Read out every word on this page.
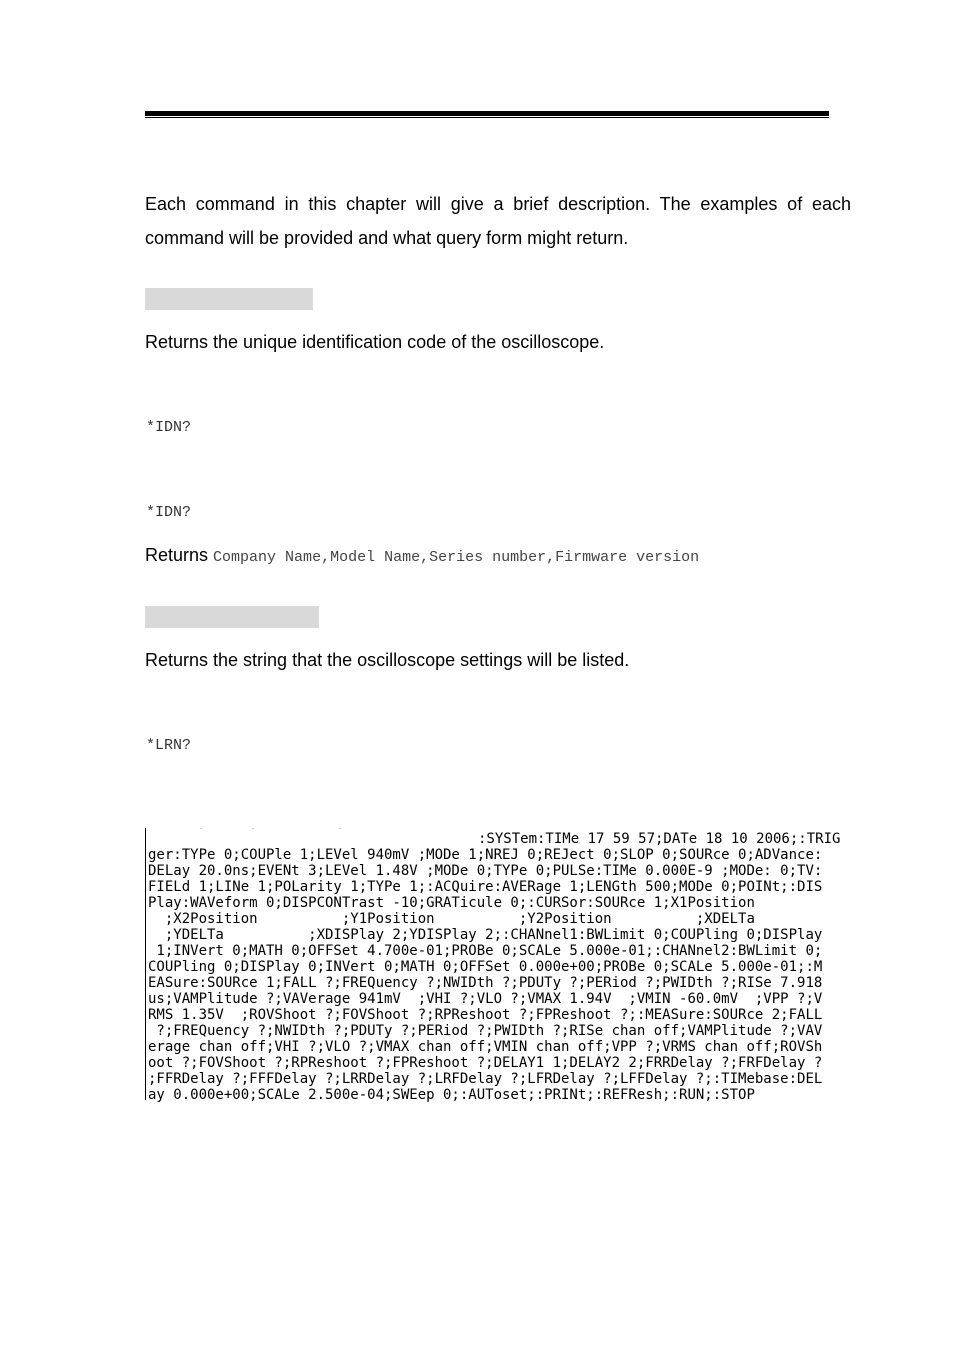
Each command in this chapter will give a brief description. The examples of each command will be provided and what query form might return.
Returns the unique identification code of the oscilloscope.
*IDN?
*IDN?
Returns Company Name,Model Name,Series number,Firmware version
Returns the string that the oscilloscope settings will be listed.
*LRN?
·                              ·                                                   ·
:SYSTem:TIMe 17 59 57;DATe 18 10 2006;:TRIG
ger:TYPe 0;COUPle 1;LEVel 940mV ;MODe 1;NREJ 0;REJect 0;SLOP 0;SOURce 0;ADVance:
DELay 20.0ns;EVENt 3;LEVel 1.48V ;MODe 0;TYPe 0;PULSe:TIMe 0.000E-9 ;MODe: 0;TV:
FIELd 1;LINe 1;POLarity 1;TYPe 1;:ACQuire:AVERage 1;LENGth 500;MODe 0;POINt;:DIS
Play:WAVeform 0;DISPCONTrast -10;GRATicule 0;:CURSor:SOURce 1;X1Position
;X2Position          ;Y1Position          ;Y2Position          ;XDELTa
;YDELTa          ;XDISPlay 2;YDISPlay 2;:CHANnel1:BWLimit 0;COUPling 0;DISPlay
1;INVert 0;MATH 0;OFFSet 4.700e-01;PROBe 0;SCALe 5.000e-01;:CHANnel2:BWLimit 0;
COUPling 0;DISPlay 0;INVert 0;MATH 0;OFFSet 0.000e+00;PROBe 0;SCALe 5.000e-01;:M
EASure:SOURce 1;FALL ?;FREQuency ?;NWIDth ?;PDUTy ?;PERiod ?;PWIDth ?;RISe 7.918
us;VAMPlitude ?;VAVerage 941mV  ;VHI ?;VLO ?;VMAX 1.94V  ;VMIN -60.0mV  ;VPP ?;V
RMS 1.35V  ;ROVShoot ?;FOVShoot ?;RPReshoot ?;FPReshoot ?;:MEASure:SOURce 2;FALL
?;FREQuency ?;NWIDth ?;PDUTy ?;PERiod ?;PWIDth ?;RISe chan off;VAMPlitude ?;VAV
erage chan off;VHI ?;VLO ?;VMAX chan off;VMIN chan off;VPP ?;VRMS chan off;ROVSh
oot ?;FOVShoot ?;RPReshoot ?;FPReshoot ?;DELAY1 1;DELAY2 2;FRRDelay ?;FRFDelay ?
;FFRDelay ?;FFFDelay ?;LRRDelay ?;LRFDelay ?;LFRDelay ?;LFFDelay ?;:TIMebase:DEL
ay 0.000e+00;SCALe 2.500e-04;SWEep 0;:AUToset;:PRINt;:REFResh;:RUN;:STOP
